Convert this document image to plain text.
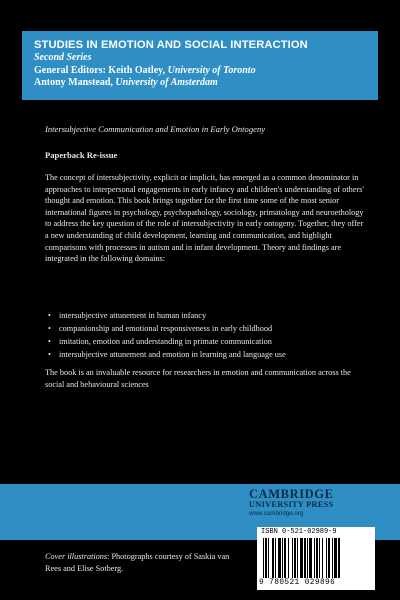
STUDIES IN EMOTION AND SOCIAL INTERACTION
Second Series
General Editors: Keith Oatley, University of Toronto
Antony Manstead, University of Amsterdam
Intersubjective Communication and Emotion in Early Ontogeny
Paperback Re-issue
The concept of intersubjectivity, explicit or implicit, has emerged as a common denominator in approaches to interpersonal engagements in early infancy and children's understanding of others' thought and emotion. This book brings together for the first time some of the most senior international figures in psychology, psychopathology, sociology, primatology and neuroethology to address the key question of the role of intersubjectivity in early ontogeny. Together, they offer a new understanding of child development, learning and communication, and highlight comparisons with processes in autism and in infant development. Theory and findings are integrated in the following domains:
• intersubjective attunement in human infancy
• companionship and emotional responsiveness in early childhood
• imitation, emotion and understanding in primate communication
• intersubjective attunement and emotion in learning and language use
The book is an invaluable resource for researchers in emotion and communication across the social and behavioural sciences
CAMBRIDGE
UNIVERSITY PRESS
www.cambridge.org
ISBN 0-521-02989-9
9 780521 029896
Cover illustrations: Photographs courtesy of Saskia van Rees and Elise Sotberg.
